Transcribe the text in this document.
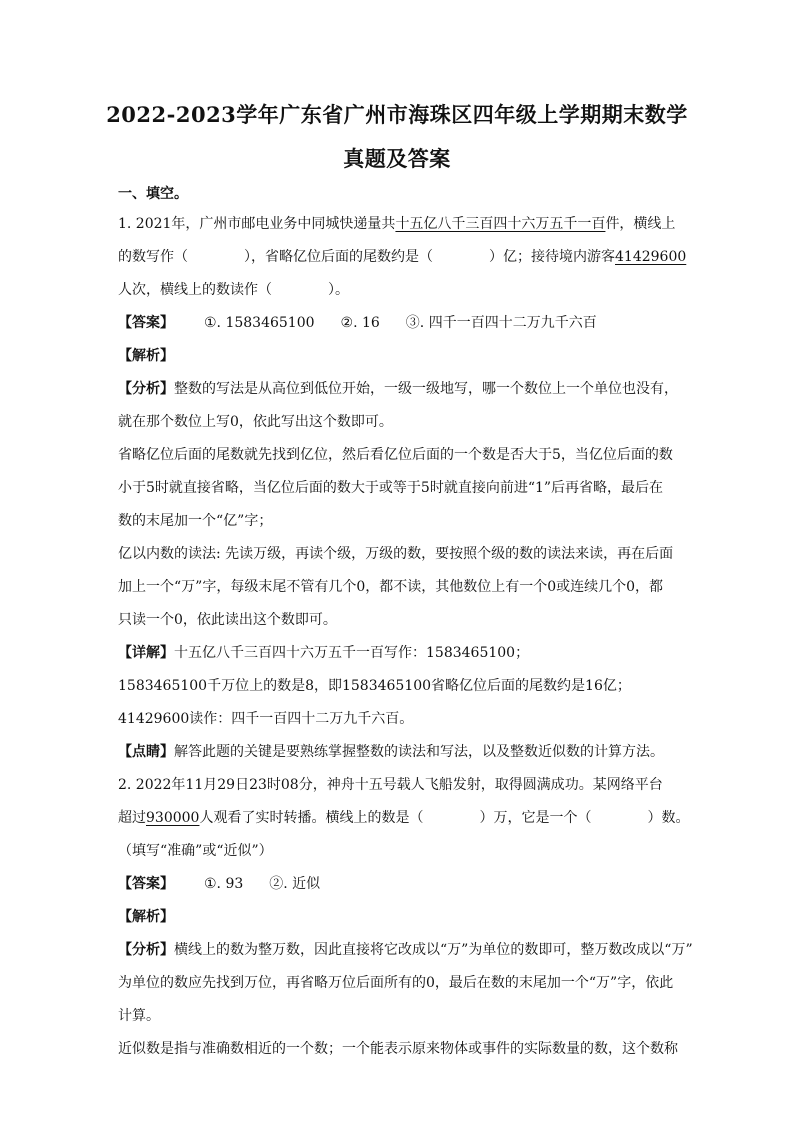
2022-2023学年广东省广州市海珠区四年级上学期期末数学
真题及答案
一、填空。
1. 2021年，广州市邮电业务中同城快递量共十五亿八千三百四十六万五千一百件，横线上
的数写作（　　　　），省略亿位后面的尾数约是（　　　　）亿；接待境内游客41429600
人次，横线上的数读作（　　　　）。
【答案】 ①. 1583465100 ②. 16 ③. 四千一百四十二万九千六百
【解析】
【分析】整数的写法是从高位到低位开始，一级一级地写，哪一个数位上一个单位也没有，
就在那个数位上写0，依此写出这个数即可。
省略亿位后面的尾数就先找到亿位，然后看亿位后面的一个数是否大于5，当亿位后面的数
小于5时就直接省略，当亿位后面的数大于或等于5时就直接向前进“1”后再省略，最后在
数的末尾加一个“亿”字；
亿以内数的读法: 先读万级，再读个级，万级的数，要按照个级的数的读法来读，再在后面
加上一个“万”字，每级末尾不管有几个0，都不读，其他数位上有一个0或连续几个0，都
只读一个0，依此读出这个数即可。
【详解】十五亿八千三百四十六万五千一百写作：1583465100；
1583465100千万位上的数是8，即1583465100省略亿位后面的尾数约是16亿；
41429600读作：四千一百四十二万九千六百。
【点睛】解答此题的关键是要熟练掌握整数的读法和写法，以及整数近似数的计算方法。
2. 2022年11月29日23时08分，神舟十五号载人飞船发射，取得圆满成功。某网络平台
超过930000人观看了实时转播。横线上的数是（　　　　）万，它是一个（　　　　）数。
（填写“准确”或“近似”）
【答案】 ①. 93 ②. 近似
【解析】
【分析】横线上的数为整万数，因此直接将它改成以“万”为单位的数即可，整万数改成以“万”
为单位的数应先找到万位，再省略万位后面所有的0，最后在数的末尾加一个“万”字，依此
计算。
近似数是指与准确数相近的一个数；一个能表示原来物体或事件的实际数量的数，这个数称
